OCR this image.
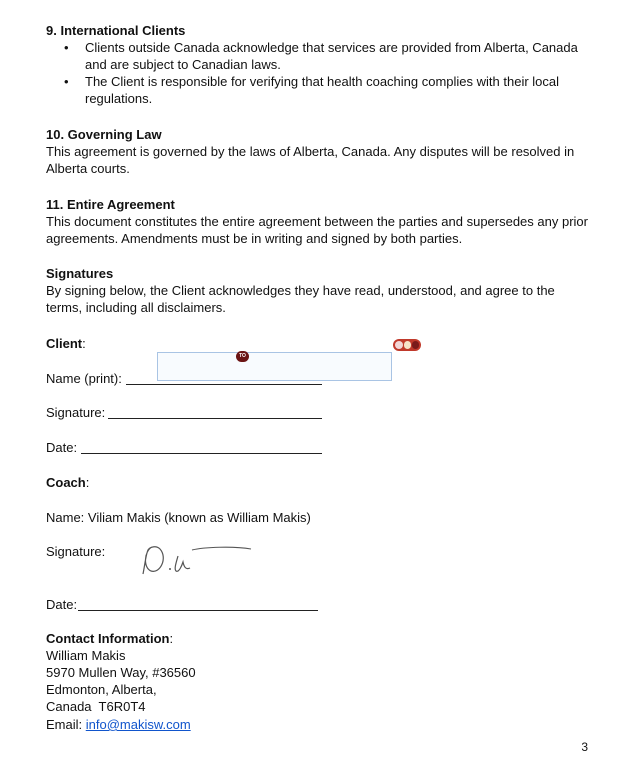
9. International Clients
• Clients outside Canada acknowledge that services are provided from Alberta, Canada and are subject to Canadian laws.
• The Client is responsible for verifying that health coaching complies with their local regulations.
10. Governing Law
This agreement is governed by the laws of Alberta, Canada. Any disputes will be resolved in Alberta courts.
11. Entire Agreement
This document constitutes the entire agreement between the parties and supersedes any prior agreements. Amendments must be in writing and signed by both parties.
Signatures
By signing below, the Client acknowledges they have read, understood, and agree to the terms, including all disclaimers.
Client:
Name (print):
TO
Signature:
Date:
Coach:
Name: Viliam Makis (known as William Makis)
Signature:
Date:
Contact Information:
William Makis
5970 Mullen Way, #36560
Edmonton, Alberta,
Canada  T6R0T4
Email: info@makisw.com
3
